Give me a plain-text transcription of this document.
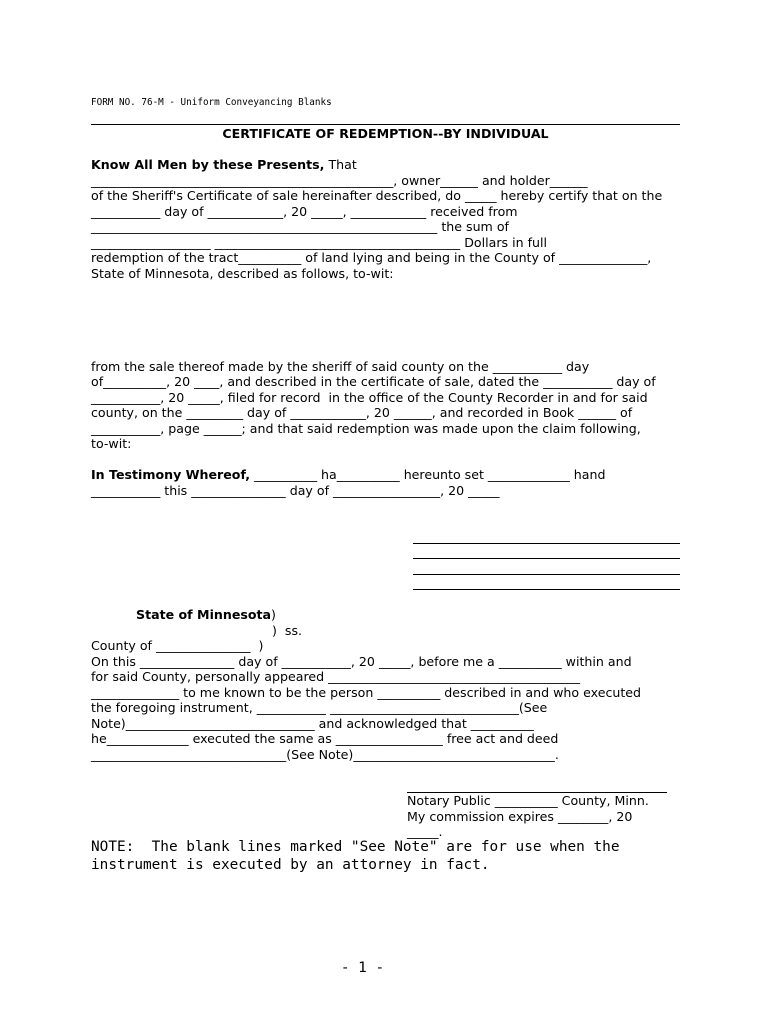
FORM NO. 76-M - Uniform Conveyancing Blanks
CERTIFICATE OF REDEMPTION--BY INDIVIDUAL
Know All Men by these Presents, That
________________________________________________, owner______ and holder______
of the Sheriff's Certificate of sale hereinafter described, do _____ hereby certify that on the
___________ day of ____________, 20 _____, ____________ received from
_______________________________________________________ the sum of
___________________ _______________________________________ Dollars in full
redemption of the tract__________ of land lying and being in the County of ______________,
State of Minnesota, described as follows, to-wit:
from the sale thereof made by the sheriff of said county on the ___________ day
of__________, 20 ____, and described in the certificate of sale, dated the ___________ day of
___________, 20 _____, filed for record  in the office of the County Recorder in and for said
county, on the _________ day of ____________, 20 ______, and recorded in Book ______ of
___________, page ______; and that said redemption was made upon the claim following,
to-wit:
In Testimony Whereof, __________ ha__________ hereunto set _____________ hand
___________ this _______________ day of _________________, 20 _____
State of Minnesota)
)  ss.
County of _______________  )
On this _______________ day of ___________, 20 _____, before me a __________ within and
for said County, personally appeared ________________________________________
______________ to me known to be the person __________ described in and who executed
the foregoing instrument, ___________ ______________________________(See
Note)______________________________ and acknowledged that __________
he_____________ executed the same as _________________ free act and deed
_______________________________(See Note)________________________________.
Notary Public __________ County, Minn.
My commission expires ________, 20
_____.
NOTE:  The blank lines marked "See Note" are for use when the
instrument is executed by an attorney in fact.
- 1 -
